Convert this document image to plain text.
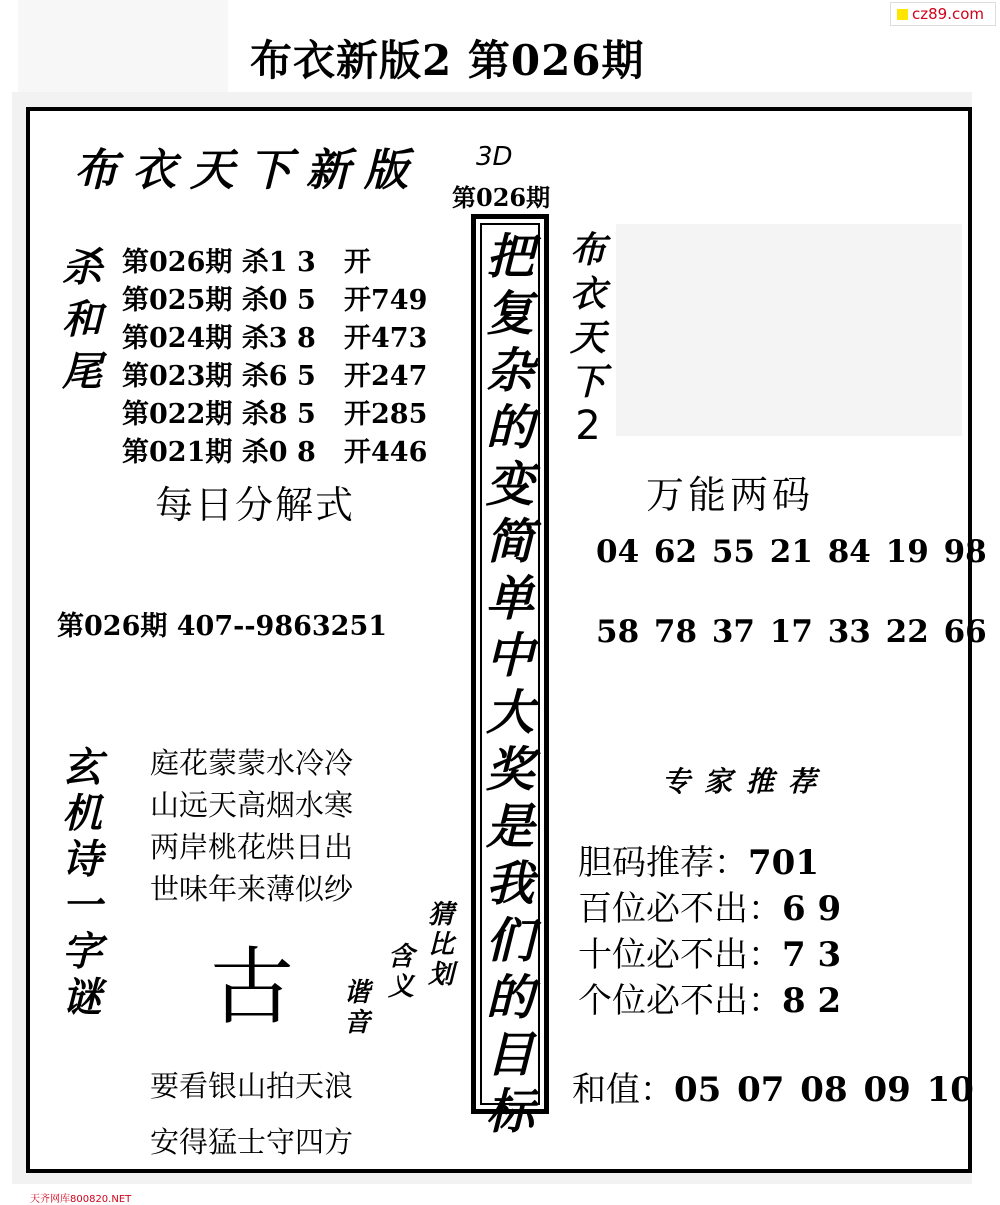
布衣新版2 第026期
cz89.com
布衣天下新版 3D
第026期
杀
和
尾
第026期 杀1 3 开
第025期 杀0 5 开749
第024期 杀3 8 开473
第023期 杀6 5 开247
第022期 杀8 5 开285
第021期 杀0 8 开446
每日分解式
第026期 407--9863251
玄
机
诗
一
字
谜
庭花蒙蒙水冷冷
山远天高烟水寒
两岸桃花烘日出
世味年来薄似纱
古
猜
比
划
含
义
谐
音
要看银山拍天浪
安得猛士守四方
把
复
杂
的
变
简
单
中
大
奖
是
我
们
的
目
标
布
衣
天
下
2
万能两码
04 62 55 21 84 19 98
58 78 37 17 33 22 66
专家推荐
胆码推荐：701
百位必不出：6 9
十位必不出：7 3
个位必不出：8 2
和值：05 07 08 09 10
天齐网库800820.NET
